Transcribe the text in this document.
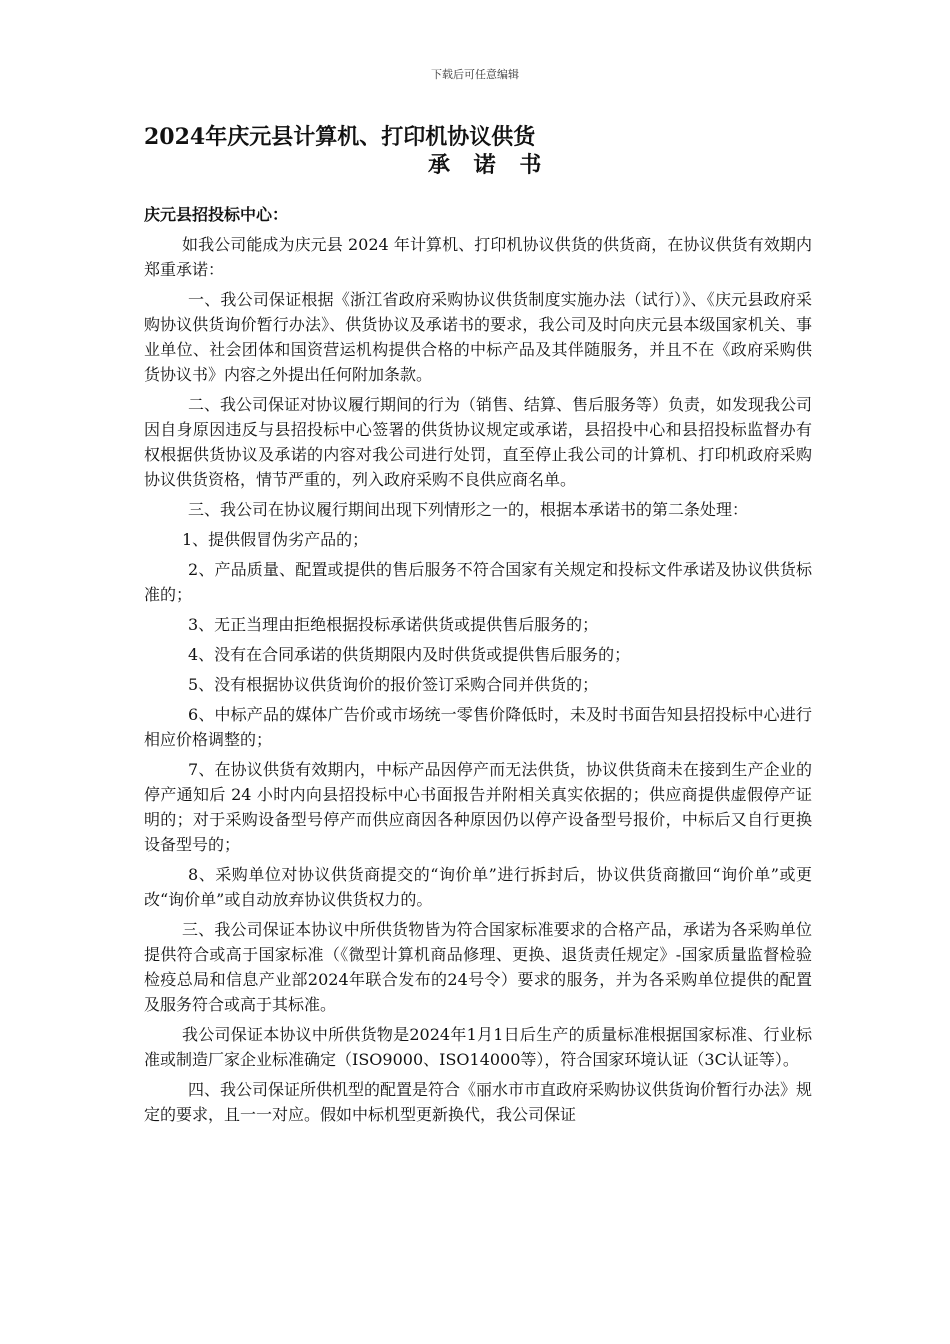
下载后可任意编辑
2024年庆元县计算机、打印机协议供货
承 诺 书
庆元县招投标中心：

如我公司能成为庆元县 2024 年计算机、打印机协议供货的供货商，在协议供货有效期内郑重承诺：

一、我公司保证根据《浙江省政府采购协议供货制度实施办法（试行）》、《庆元县政府采购协议供货询价暂行办法》、供货协议及承诺书的要求，我公司及时向庆元县本级国家机关、事业单位、社会团体和国资营运机构提供合格的中标产品及其伴随服务，并且不在《政府采购供货协议书》内容之外提出任何附加条款。

二、我公司保证对协议履行期间的行为（销售、结算、售后服务等）负责，如发现我公司因自身原因违反与县招投标中心签署的供货协议规定或承诺，县招投中心和县招投标监督办有权根据供货协议及承诺的内容对我公司进行处罚，直至停止我公司的计算机、打印机政府采购协议供货资格，情节严重的，列入政府采购不良供应商名单。

三、我公司在协议履行期间出现下列情形之一的，根据本承诺书的第二条处理：

1、提供假冒伪劣产品的；

2、产品质量、配置或提供的售后服务不符合国家有关规定和投标文件承诺及协议供货标准的；

3、无正当理由拒绝根据投标承诺供货或提供售后服务的；

4、没有在合同承诺的供货期限内及时供货或提供售后服务的；

5、没有根据协议供货询价的报价签订采购合同并供货的；

6、中标产品的媒体广告价或市场统一零售价降低时，未及时书面告知县招投标中心进行相应价格调整的；

7、在协议供货有效期内，中标产品因停产而无法供货，协议供货商未在接到生产企业的停产通知后 24 小时内向县招投标中心书面报告并附相关真实依据的；供应商提供虚假停产证明的；对于采购设备型号停产而供应商因各种原因仍以停产设备型号报价，中标后又自行更换设备型号的；

8、采购单位对协议供货商提交的“询价单”进行拆封后，协议供货商撤回“询价单”或更改“询价单”或自动放弃协议供货权力的。

三、我公司保证本协议中所供货物皆为符合国家标准要求的合格产品，承诺为各采购单位提供符合或高于国家标准（《微型计算机商品修理、更换、退货责任规定》-国家质量监督检验检疫总局和信息产业部2024年联合发布的24号令）要求的服务，并为各采购单位提供的配置及服务符合或高于其标准。

我公司保证本协议中所供货物是2024年1月1日后生产的质量标准根据国家标准、行业标准或制造厂家企业标准确定（ISO9000、ISO14000等），符合国家环境认证（3C认证等）。

四、我公司保证所供机型的配置是符合《丽水市市直政府采购协议供货询价暂行办法》规定的要求，且一一对应。假如中标机型更新换代，我公司保证
